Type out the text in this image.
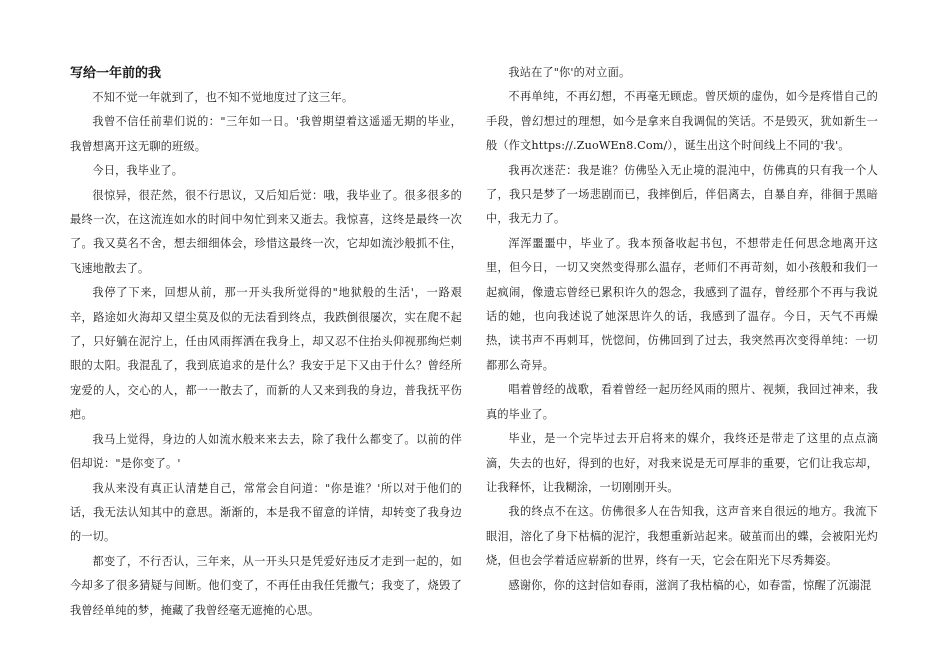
写给一年前的我

不知不觉一年就到了，也不知不觉地度过了这三年。

我曾不信任前辈们说的："三年如一日。'我曾期望着这遥遥无期的毕业，我曾想离开这无聊的班级。

今日，我毕业了。

很惊异，很茫然，很不行思议，又后知后觉：哦，我毕业了。很多很多的最终一次，在这流连如水的时间中匆忙到来又逝去。我惊喜，这终是最终一次了。我又莫名不舍，想去细细体会，珍惜这最终一次，它却如流沙般抓不住，飞速地散去了。

我停了下来，回想从前，那一开头我所觉得的"地狱般的生活'，一路艰辛，路途如火海却又望尘莫及似的无法看到终点，我跌倒很屡次，实在爬不起了，只好躺在泥泞上，任由风雨挥洒在我身上，却又忍不住抬头仰视那绚烂刺眼的太阳。我混乱了，我到底追求的是什么？我安于足下又由于什么？曾经所宠爱的人，交心的人，都一一散去了，而新的人又来到我的身边，普我抚平伤疤。

我马上觉得，身边的人如流水般来来去去，除了我什么都变了。以前的伴侣却说："是你变了。'

我从来没有真正认清楚自己，常常会自问道："你是谁？'所以对于他们的话，我无法认知其中的意思。渐渐的，本是我不留意的详情，却转变了我身边的一切。

都变了，不行否认，三年来，从一开头只是凭爱好违反才走到一起的，如今却多了很多猜疑与间断。他们变了，不再任由我任凭撒气；我变了，烧毁了我曾经单纯的梦，掩藏了我曾经毫无遮掩的心思。

我站在了"你'的对立面。

不再单纯，不再幻想，不再毫无顾虑。曾厌烦的虚伪，如今是疼惜自己的手段，曾幻想过的理想，如今是拿来自我调侃的笑话。不是毁灭，犹如新生一般（作文https://.ZuoWEn8.Com/），诞生出这个时间线上不同的'我'。

我再次迷茫：我是谁？仿佛坠入无止境的混沌中，仿佛真的只有我一个人了，我只是梦了一场悲剧而已，我摔倒后，伴侣离去，自暴自弃，徘徊于黑暗中，我无力了。

浑浑噩噩中，毕业了。我本预备收起书包，不想带走任何思念地离开这里，但今日，一切又突然变得那么温存，老师们不再苛刻，如小孩般和我们一起疯闹，像遗忘曾经已累积许久的怨念，我感到了温存，曾经那个不再与我说话的她，也向我述说了她深思许久的话，我感到了温存。今日，天气不再燥热，读书声不再刺耳，恍惚间，仿佛回到了过去，我突然再次变得单纯：一切都那么奇异。

唱着曾经的战歌，看着曾经一起历经风雨的照片、视频，我回过神来，我真的毕业了。

毕业，是一个完毕过去开启将来的媒介，我终还是带走了这里的点点滴滴，失去的也好，得到的也好，对我来说是无可厚非的重要，它们让我忘却，让我释怀，让我糊涂，一切刚刚开头。

我的终点不在这。仿佛很多人在告知我，这声音来自很远的地方。我流下眼泪，溶化了身下枯槁的泥泞，我想重新站起来。破茧而出的蝶，会被阳光灼烧，但也会学着适应崭新的世界，终有一天，它会在阳光下尽秀舞姿。

感谢你，你的这封信如春雨，滋润了我枯槁的心，如春雷，惊醒了沉溺混
